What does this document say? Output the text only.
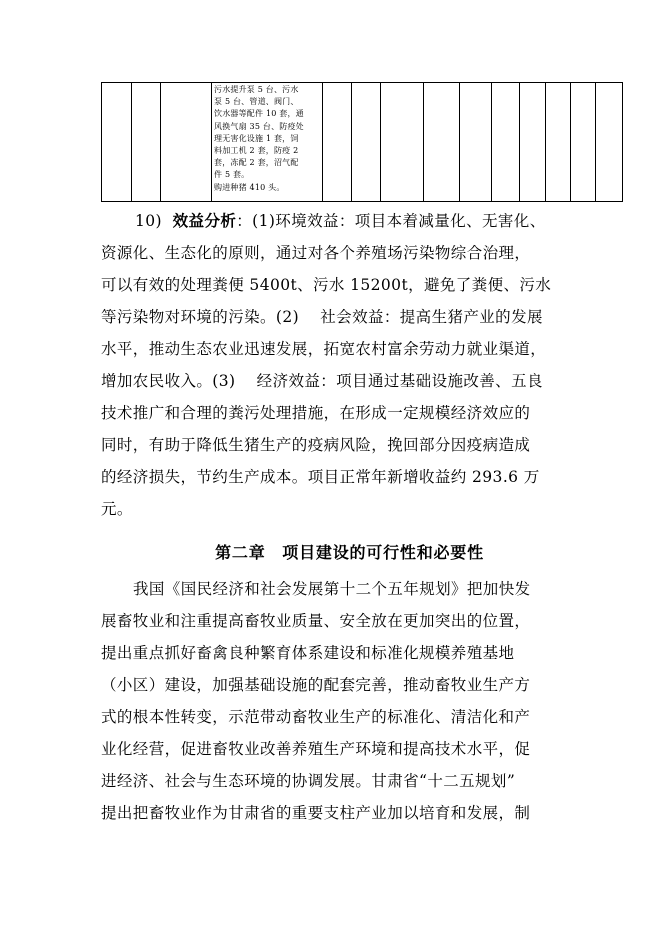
污水提升泵 5 台、污水
泵 5 台、管道、阀门、
饮水器等配件 10 套，通
风换气扇 35 台、防疫处
理无害化设施 1 套，饲
料加工机 2 套，防疫 2
套，冻配 2 套，沼气配
件 5 套。
购进种猪 410 头。

10) 效益分析：(1)环境效益：项目本着减量化、无害化、
资源化、生态化的原则，通过对各个养殖场污染物综合治理，
可以有效的处理粪便 5400t、污水 15200t，避免了粪便、污水
等污染物对环境的污染。(2)　 社会效益：提高生猪产业的发展
水平，推动生态农业迅速发展，拓宽农村富余劳动力就业渠道，
增加农民收入。(3)　 经济效益：项目通过基础设施改善、五良
技术推广和合理的粪污处理措施，在形成一定规模经济效应的
同时，有助于降低生猪生产的疫病风险，挽回部分因疫病造成
的经济损失，节约生产成本。项目正常年新增收益约 293.6 万
元。
第二章　项目建设的可行性和必要性
我国《国民经济和社会发展第十二个五年规划》把加快发
展畜牧业和注重提高畜牧业质量、安全放在更加突出的位置，
提出重点抓好畜禽良种繁育体系建设和标准化规模养殖基地
（小区）建设，加强基础设施的配套完善，推动畜牧业生产方
式的根本性转变，示范带动畜牧业生产的标准化、清洁化和产
业化经营，促进畜牧业改善养殖生产环境和提高技术水平，促
进经济、社会与生态环境的协调发展。甘肃省“十二五规划”
提出把畜牧业作为甘肃省的重要支柱产业加以培育和发展，制
